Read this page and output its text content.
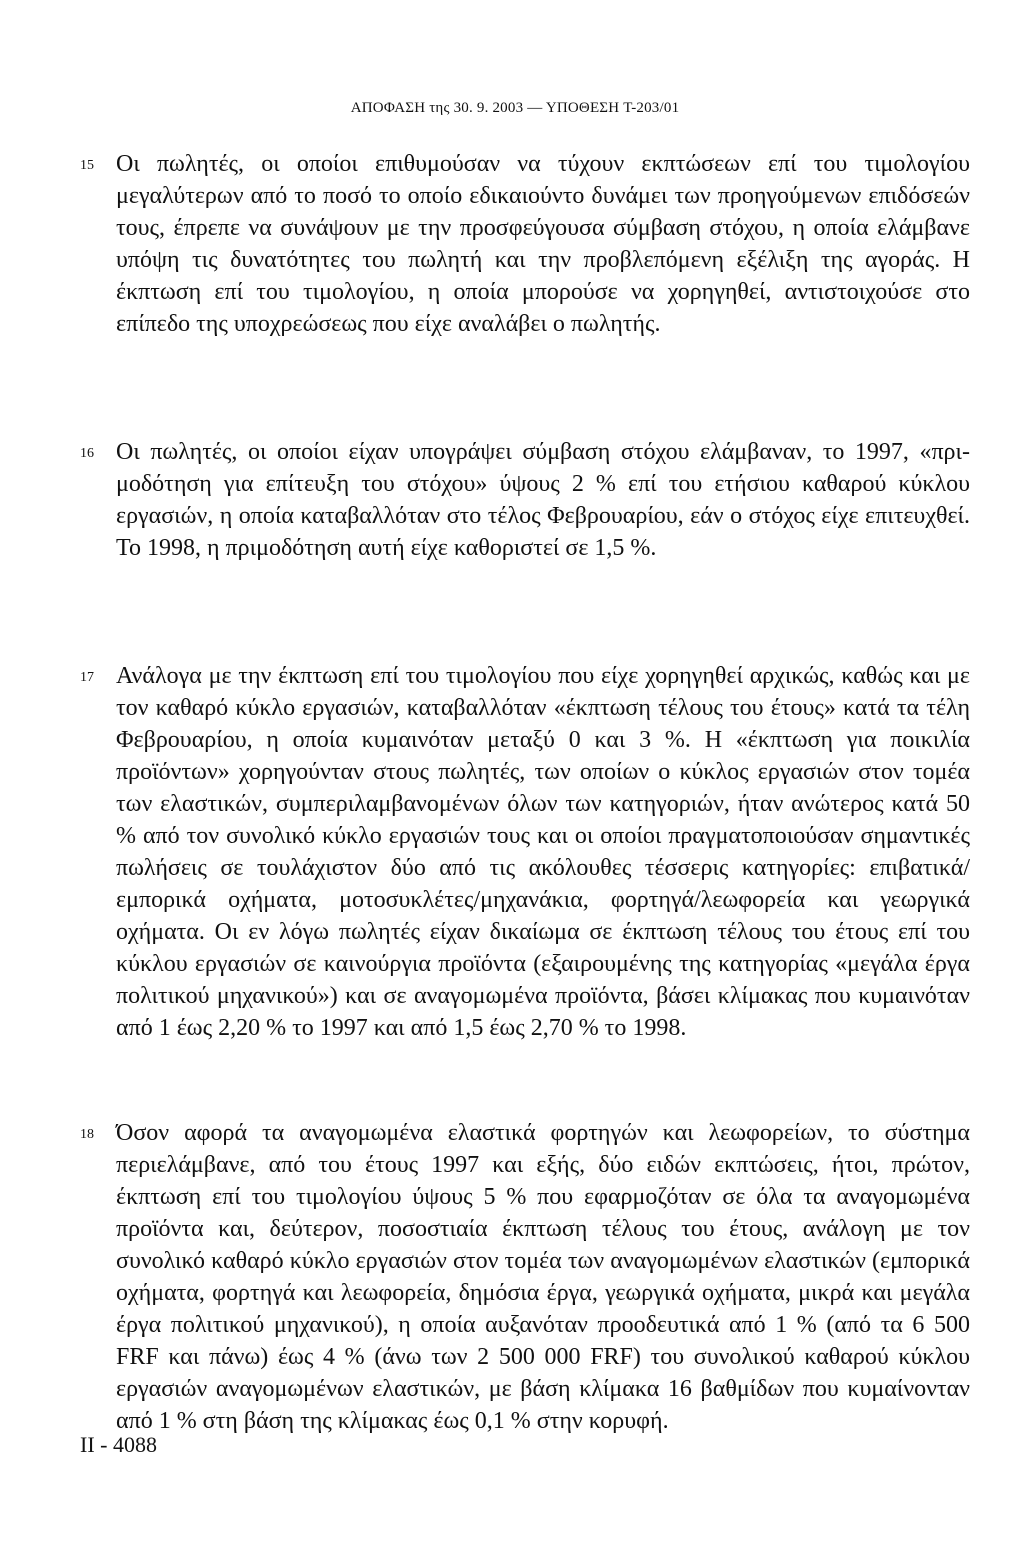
ΑΠΟΦΑΣΗ της 30. 9. 2003 — ΥΠΟΘΕΣΗ T-203/01
15 Οι πωλητές, οι οποίοι επιθυμούσαν να τύχουν εκπτώσεων επί του τιμολογίου μεγαλύτερων από το ποσό το οποίο εδικαιούντο δυνάμει των προηγούμενων επιδόσεών τους, έπρεπε να συνάψουν με την προσφεύγουσα σύμβαση στόχου, η οποία ελάμβανε υπόψη τις δυνατότητες του πωλητή και την προβλεπόμενη εξέλιξη της αγοράς. Η έκπτωση επί του τιμολογίου, η οποία μπορούσε να χορηγηθεί, αντιστοιχούσε στο επίπεδο της υποχρεώσεως που είχε αναλάβει ο πωλητής.

16 Οι πωλητές, οι οποίοι είχαν υπογράψει σύμβαση στόχου ελάμβαναν, το 1997, «πριμοδότηση για επίτευξη του στόχου» ύψους 2 % επί του ετήσιου καθαρού κύκλου εργασιών, η οποία καταβαλλόταν στο τέλος Φεβρουαρίου, εάν ο στόχος είχε επιτευχθεί. Το 1998, η πριμοδότηση αυτή είχε καθοριστεί σε 1,5 %.

17 Ανάλογα με την έκπτωση επί του τιμολογίου που είχε χορηγηθεί αρχικώς, καθώς και με τον καθαρό κύκλο εργασιών, καταβαλλόταν «έκπτωση τέλους του έτους» κατά τα τέλη Φεβρουαρίου, η οποία κυμαινόταν μεταξύ 0 και 3 %. Η «έκπτωση για ποικιλία προϊόντων» χορηγούνταν στους πωλητές, των οποίων ο κύκλος εργασιών στον τομέα των ελαστικών, συμπεριλαμβανομένων όλων των κατηγοριών, ήταν ανώτερος κατά 50 % από τον συνολικό κύκλο εργασιών τους και οι οποίοι πραγματοποιούσαν σημαντικές πωλήσεις σε τουλάχιστον δύο από τις ακόλουθες τέσσερις κατηγορίες: επιβατικά/εμπορικά οχήματα, μοτοσυκλέτες/μηχανάκια, φορτηγά/λεωφορεία και γεωργικά οχήματα. Οι εν λόγω πωλητές είχαν δικαίωμα σε έκπτωση τέλους του έτους επί του κύκλου εργασιών σε καινούργια προϊόντα (εξαιρουμένης της κατηγορίας «μεγάλα έργα πολιτικού μηχανικού») και σε αναγομωμένα προϊόντα, βάσει κλίμακας που κυμαινόταν από 1 έως 2,20 % το 1997 και από 1,5 έως 2,70 % το 1998.

18 Όσον αφορά τα αναγομωμένα ελαστικά φορτηγών και λεωφορείων, το σύστημα περιελάμβανε, από του έτους 1997 και εξής, δύο ειδών εκπτώσεις, ήτοι, πρώτον, έκπτωση επί του τιμολογίου ύψους 5 % που εφαρμοζόταν σε όλα τα αναγομωμένα προϊόντα και, δεύτερον, ποσοστιαία έκπτωση τέλους του έτους, ανάλογη με τον συνολικό καθαρό κύκλο εργασιών στον τομέα των αναγομωμένων ελαστικών (εμπορικά οχήματα, φορτηγά και λεωφορεία, δημόσια έργα, γεωργικά οχήματα, μικρά και μεγάλα έργα πολιτικού μηχανικού), η οποία αυξανόταν προοδευτικά από 1 % (από τα 6 500 FRF και πάνω) έως 4 % (άνω των 2 500 000 FRF) του συνολικού καθαρού κύκλου εργασιών αναγομωμένων ελαστικών, με βάση κλίμακα 16 βαθμίδων που κυμαίνονταν από 1 % στη βάση της κλίμακας έως 0,1 % στην κορυφή.

II - 4088
